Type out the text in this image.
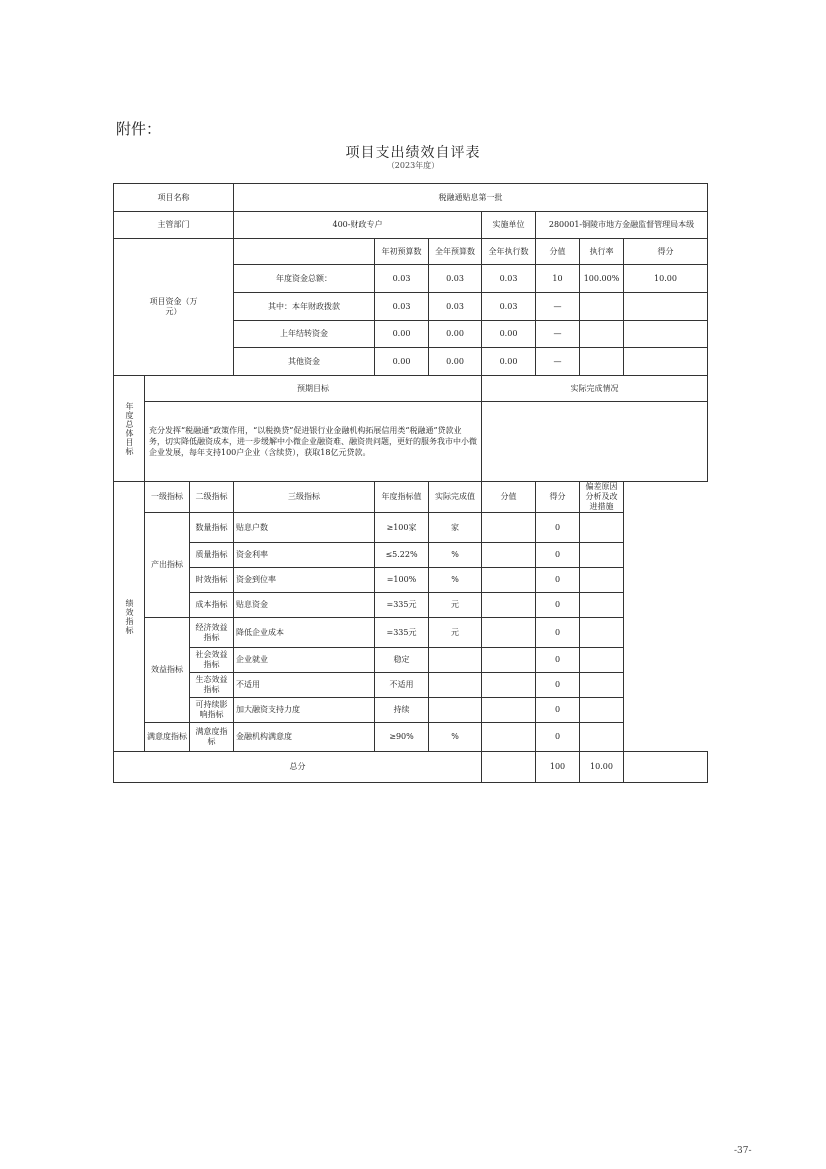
附件：
项目支出绩效自评表
（2023年度）
项目名称			税融通贴息第一批						
主管部门			400-财政专户			实施单位	280001-铜陵市地方金融监督管理局本级		

项目资金（万元）				年初预算数	全年预算数	全年执行数	分值	执行率	得分
			年度资金总额：	0.03	0.03	0.03	10	100.00%	10.00
			其中：本年财政拨款	0.03	0.03	0.03	—		
			上年结转资金	0.00	0.00	0.00	—		
			其他资金	0.00	0.00	0.00	—		

年度总体目标	预期目标					实际完成情况			
	充分发挥“税融通”政策作用，“以税换贷”促进银行业金融机构拓展信用类“税融通”贷款业务，切实降低融资成本，进一步缓解中小微企业融资难、融资贵问题，更好的服务我市中小微企业发展，每年支持100户企业（含续贷），获取18亿元贷款。								

绩效指标	一级指标	二级指标	三级指标	年度指标值	实际完成值	分值	得分	偏差原因分析及改进措施	
	产出指标	数量指标	贴息户数	≥100家	家		0		
		质量指标	资金利率	≤5.22%	%		0		
		时效指标	资金到位率	=100%	%		0		
		成本指标	贴息资金	=335元	元		0		
	效益指标	经济效益指标	降低企业成本	=335元	元		0		
		社会效益指标	企业就业	稳定			0		
		生态效益指标	不适用	不适用			0		
		可持续影响指标	加大融资支持力度	持续			0		
	满意度指标	满意度指标	金融机构满意度	≥90%	%		0		
总分							100	10.00	
-37-
